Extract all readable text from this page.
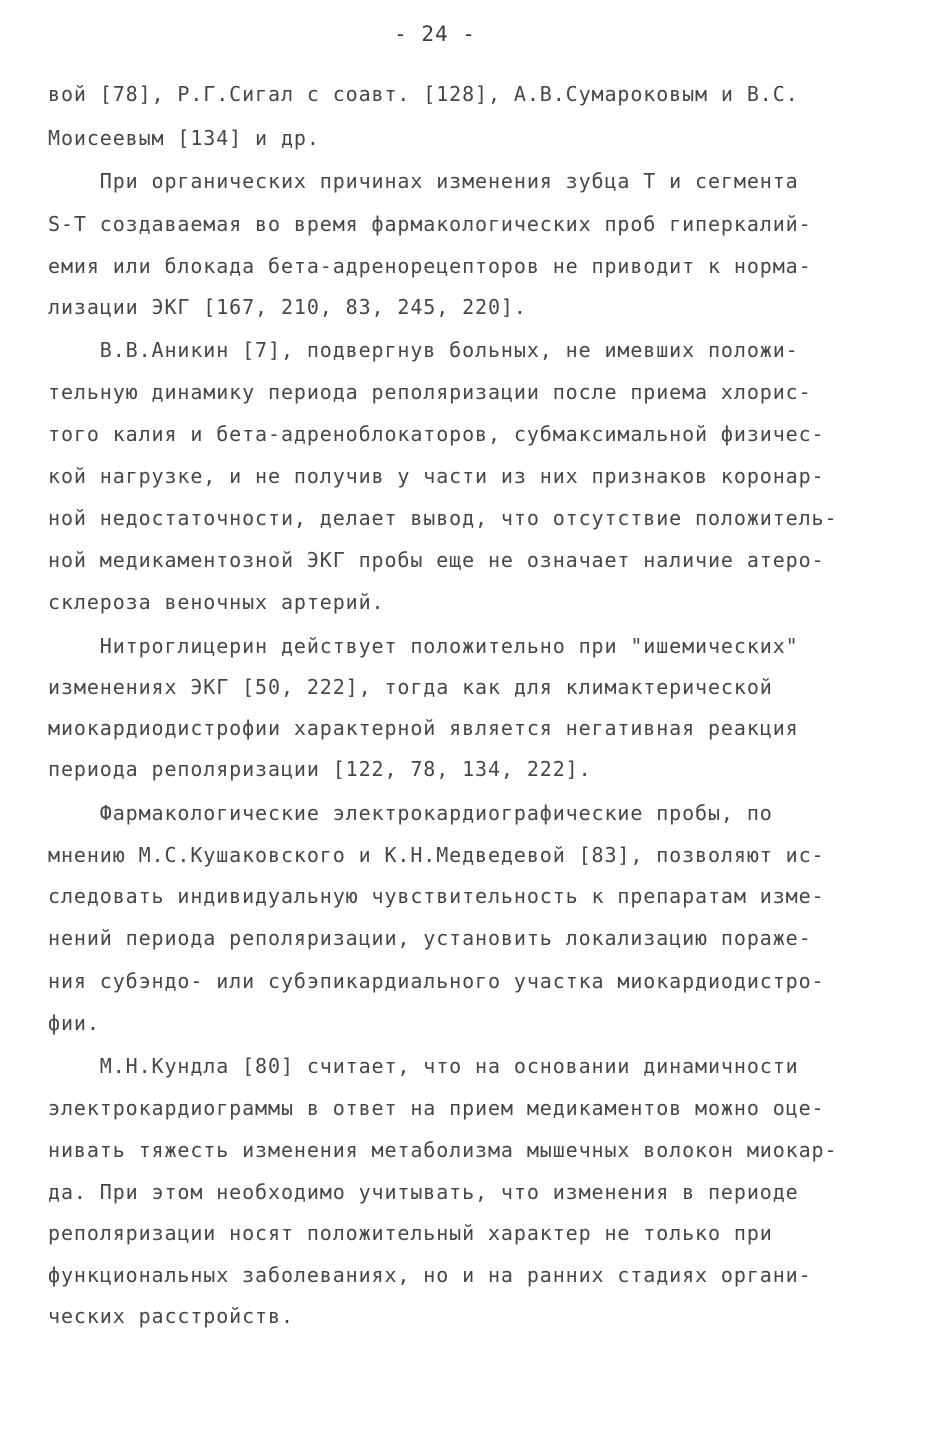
- 24 -
вой [78], Р.Г.Сигал с соавт. [128], А.В.Сумароковым и В.С.
Моисеевым [134] и др.
При органических причинах изменения зубца Т и сегмента
S-T создаваемая во время фармакологических проб гиперкалий-
емия или блокада бета-адренорецепторов не приводит к норма-
лизации ЭКГ [167, 210, 83, 245, 220].
В.В.Аникин [7], подвергнув больных, не имевших положи-
тельную динамику периода реполяризации после приема хлорис-
того калия и бета-адреноблокаторов, субмаксимальной физичес-
кой нагрузке, и не получив у части из них признаков коронар-
ной недостаточности, делает вывод, что отсутствие положитель-
ной медикаментозной ЭКГ пробы еще не означает наличие атеро-
склероза веночных артерий.
Нитроглицерин действует положительно при "ишемических"
изменениях ЭКГ [50, 222], тогда как для климактерической
миокардиодистрофии характерной является негативная реакция
периода реполяризации [122, 78, 134, 222].
Фармакологические электрокардиографические пробы, по
мнению М.С.Кушаковского и К.Н.Медведевой [83], позволяют ис-
следовать индивидуальную чувствительность к препаратам изме-
нений периода реполяризации, установить локализацию пораже-
ния субэндо- или субэпикардиального участка миокардиодистро-
фии.
М.Н.Кундла [80] считает, что на основании динамичности
электрокардиограммы в ответ на прием медикаментов можно оце-
нивать тяжесть изменения метаболизма мышечных волокон миокар-
да. При этом необходимо учитывать, что изменения в периоде
реполяризации носят положительный характер не только при
функциональных заболеваниях, но и на ранних стадиях органи-
ческих расстройств.
